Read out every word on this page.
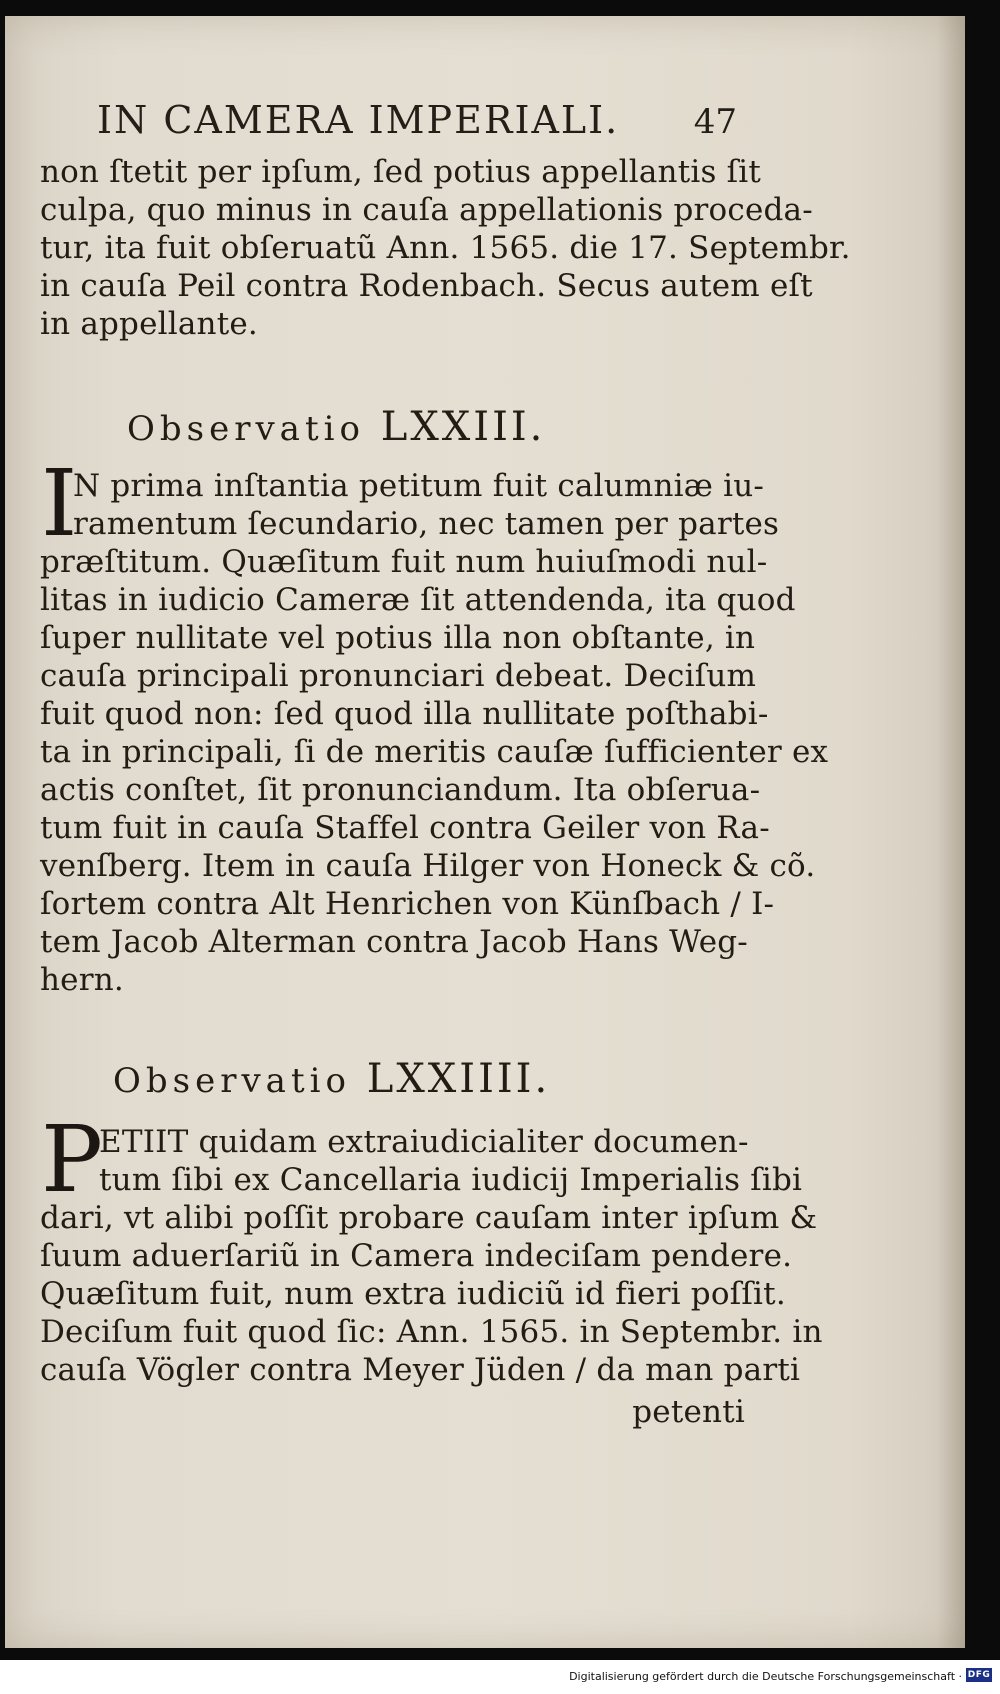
IN CAMERA IMPERIALI. 47
non ſtetit per ipſum, ſed potius appellantis ſit
culpa, quo minus in cauſa appellationis proceda-
tur, ita fuit obſeruatũ Ann. 1565. die 17. Septembr.
in cauſa Peil contra Rodenbach. Secus autem eſt
in appellante.
Observatio LXXIII.
I
N prima inſtantia petitum fuit calumniæ iu-
ramentum ſecundario, nec tamen per partes
præſtitum. Quæſitum fuit num huiuſmodi nul-
litas in iudicio Cameræ ſit attendenda, ita quod
ſuper nullitate vel potius illa non obſtante, in
cauſa principali pronunciari debeat. Deciſum
fuit quod non: ſed quod illa nullitate poſthabi-
ta in principali, ſi de meritis cauſæ ſufficienter ex
actis conſtet, ſit pronunciandum. Ita obſerua-
tum fuit in cauſa Staffel contra Geiler von Ra-
venſberg. Item in cauſa Hilger von Honeck & cõ.
ſortem contra Alt Henrichen von Künſbach / I-
tem Jacob Alterman contra Jacob Hans Weg-
hern.
Observatio LXXIIII.
P
ETIIT quidam extraiudicialiter documen-
tum ſibi ex Cancellaria iudicij Imperialis ſibi
dari, vt alibi poſſit probare cauſam inter ipſum &
ſuum aduerſariũ in Camera indeciſam pendere.
Quæſitum fuit, num extra iudiciũ id fieri poſſit.
Deciſum fuit quod ſic: Ann. 1565. in Septembr. in
cauſa Vögler contra Meyer Jüden / da man parti
petenti
Digitalisierung gefördert durch die Deutsche Forschungsgemeinschaft · DFG
